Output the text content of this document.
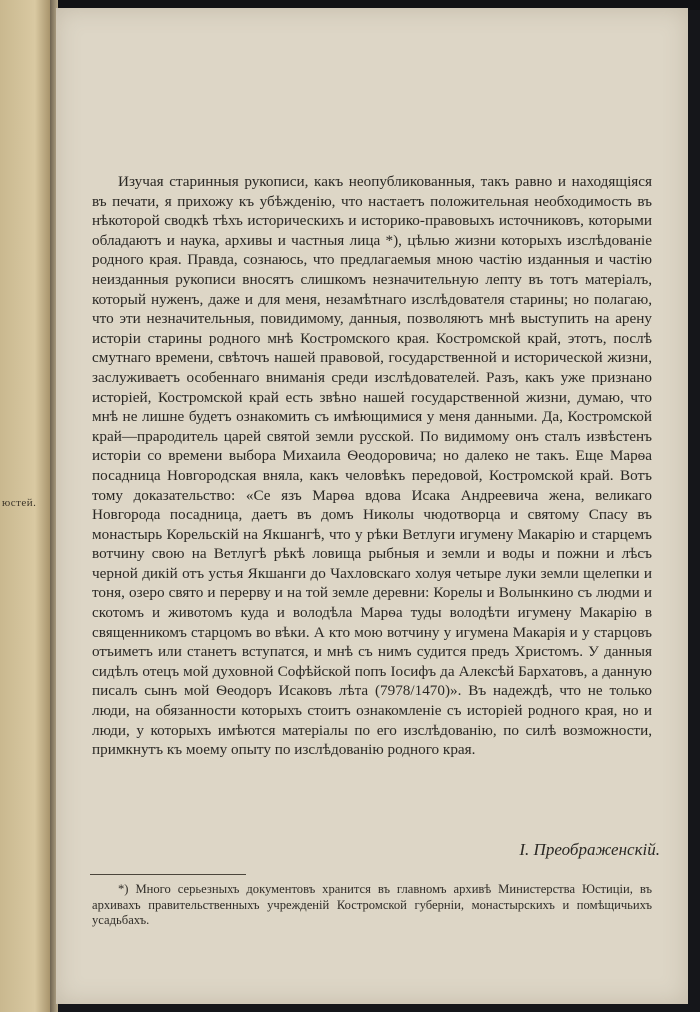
юстей.

Изучая старинныя рукописи, какъ неопубликованныя, такъ равно и находящiяся въ печати, я прихожу къ убѣжденiю, что настаетъ положительная необходимость въ нѣкоторой сводкѣ тѣхъ историческихъ и историко-правовыхъ источниковъ, которыми обладаютъ и наука, архивы и частныя лица *), цѣлью жизни которыхъ изслѣдованiе родного края. Правда, сознаюсь, что предлагаемыя мною частiю изданныя и частiю неизданныя рукописи вносятъ слишкомъ незначительную лепту въ тотъ матерiалъ, который нуженъ, даже и для меня, незамѣтнаго изслѣдователя старины; но полагаю, что эти незначительныя, повидимому, данныя, позволяютъ мнѣ выступить на арену исторiи старины родного мнѣ Костромского края. Костромской край, этотъ, послѣ смутнаго времени, свѣточъ нашей правовой, государственной и исторической жизни, заслуживаетъ особеннаго вниманiя среди изслѣдователей. Разъ, какъ уже признано исторiей, Костромской край есть звѣно нашей государственной жизни, думаю, что мнѣ не лишне будетъ ознакомить съ имѣющимися у меня данными. Да, Костромской край—прародитель царей святой земли русской. По видимому онъ сталъ извѣстенъ исторiи со времени выбора Михаила Ѳеодоровича; но далеко не такъ. Еще Марѳа посадница Новгородская вняла, какъ человѣкъ передовой, Костромской край. Вотъ тому доказательство: «Се язъ Марѳа вдова Исака Андреевича жена, великаго Новгорода посадница, даетъ въ домъ Николы чюдотворца и святому Спасу въ монастырь Корельскiй на Якшангѣ, что у рѣки Ветлуги игумену Макарiю и старцемъ вотчину свою на Ветлугѣ рѣкѣ ловища рыбныя и земли и воды и пожни и лѣсъ черной дикiй отъ устья Якшанги до Чахловскаго холуя четыре луки земли щелепки и тоня, озеро свято и перерву и на той земле деревни: Корелы и Волынкино съ людми и скотомъ и животомъ куда и володѣла Марѳа туды володѣти игумену Макарiю в священникомъ старцомъ во вѣки. А кто мою вотчину у игумена Макарiя и у старцовъ отъиметъ или станетъ вступатся, и мнѣ съ нимъ судится предъ Христомъ. У данныя сидѣлъ отецъ мой духовной Софѣйской попъ Iосифъ да Алексѣй Бархатовъ, а данную писалъ сынъ мой Ѳеодоръ Исаковъ лѣта (7978/1470)». Въ надеждѣ, что не только люди, на обязанности которыхъ стоитъ ознакомленiе съ исторiей родного края, но и люди, у которыхъ имѣются матерiалы по его изслѣдованiю, по силѣ возможности, примкнутъ къ моему опыту по изслѣдованiю родного края.

I. Преображенскiй.

*) Много серьезныхъ документовъ хранится въ главномъ архивѣ Министерства Юстицiи, въ архивахъ правительственныхъ учрежденiй Костромской губернiи, монастырскихъ и помѣщичьихъ усадьбахъ.
